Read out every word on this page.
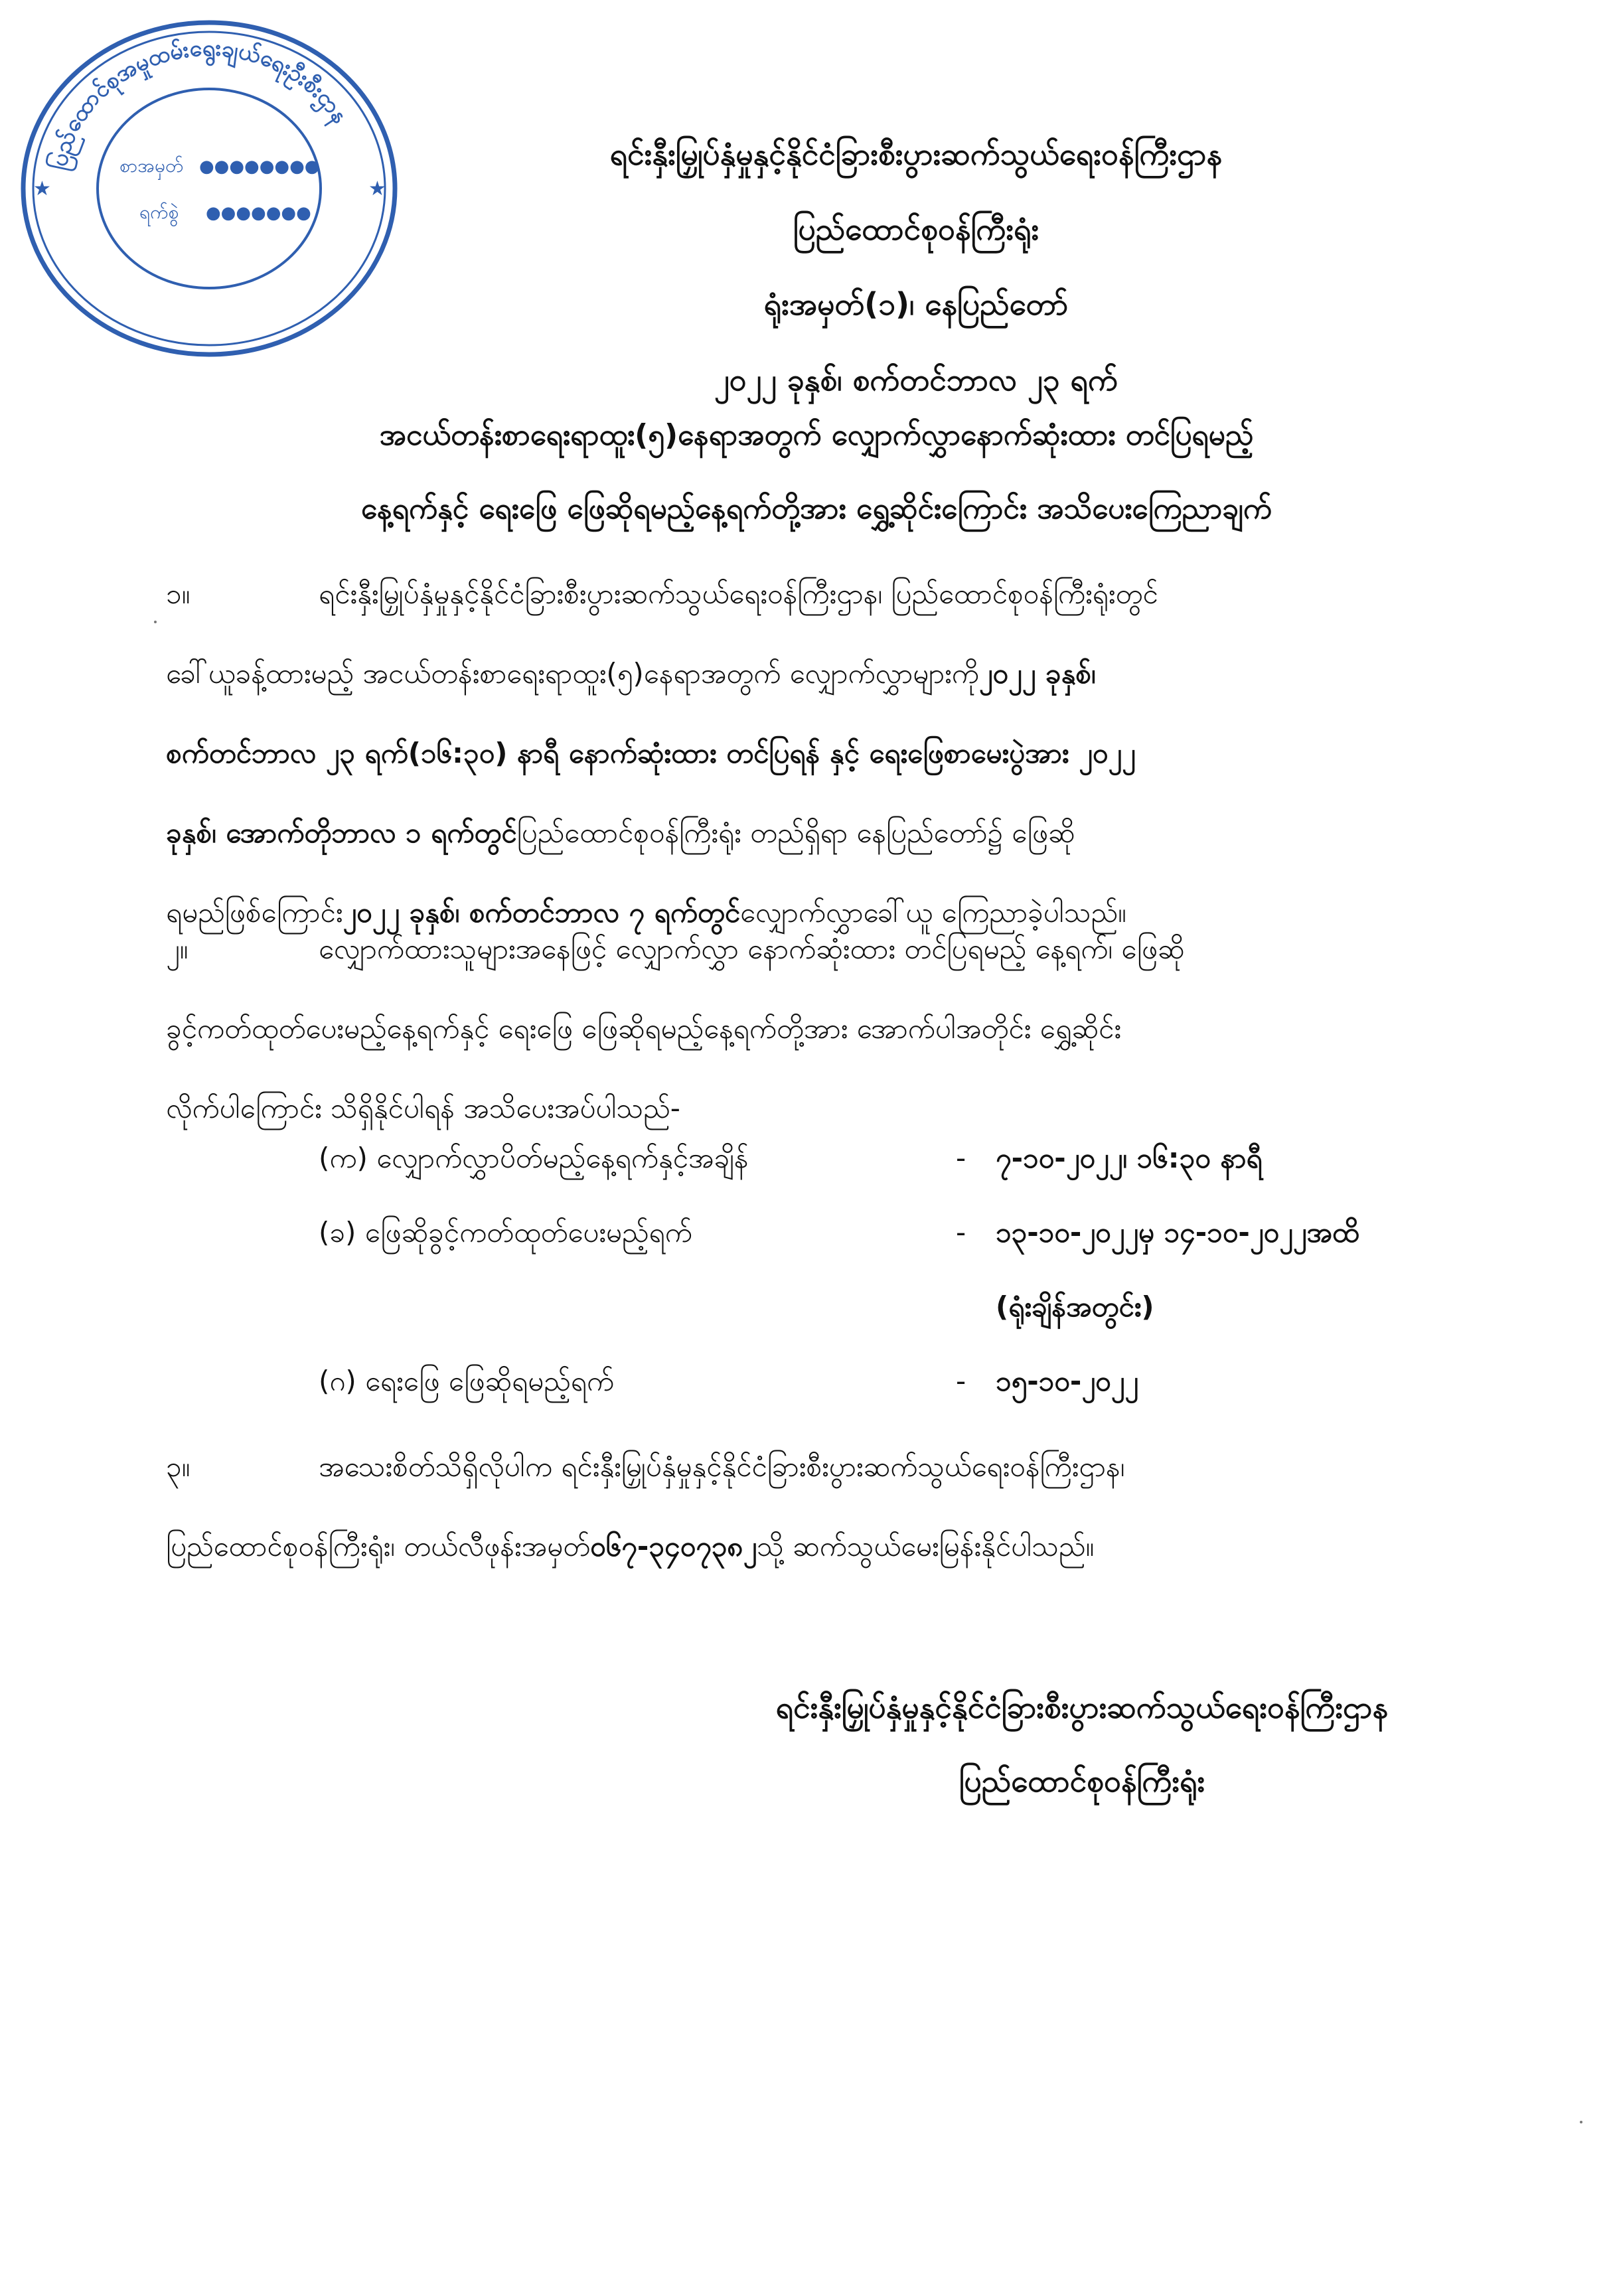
ပြည်ထောင်စုအမှုထမ်းရွေးချယ်ရေးဦးစီးဌာန
★	★
စာအမှတ် ●●●●●●●●
ရက်စွဲ ●●●●●●●
ရင်းနှီးမြှုပ်နှံမှုနှင့်နိုင်ငံခြားစီးပွားဆက်သွယ်ရေးဝန်ကြီးဌာန
ပြည်ထောင်စုဝန်ကြီးရုံး
ရုံးအမှတ်(၁)၊ နေပြည်တော်
၂၀၂၂ ခုနှစ်၊ စက်တင်ဘာလ ၂၃ ရက်
အငယ်တန်းစာရေးရာထူး(၅)နေရာအတွက် လျှောက်လွှာနောက်ဆုံးထား တင်ပြရမည့်
နေ့ရက်နှင့် ရေးဖြေ ဖြေဆိုရမည့်နေ့ရက်တို့အား ရွှေ့ဆိုင်းကြောင်း အသိပေးကြေညာချက်
၁။	ရင်းနှီးမြှုပ်နှံမှုနှင့်နိုင်ငံခြားစီးပွားဆက်သွယ်ရေးဝန်ကြီးဌာန၊ ပြည်ထောင်စုဝန်ကြီးရုံးတွင်
ခေါ်ယူခန့်ထားမည့် အငယ်တန်းစာရေးရာထူး(၅)နေရာအတွက် လျှောက်လွှာများကို ၂၀၂၂ ခုနှစ်၊
စက်တင်ဘာလ ၂၃ ရက်(၁၆:၃၀) နာရီ နောက်ဆုံးထား တင်ပြရန် နှင့် ရေးဖြေစာမေးပွဲအား ၂၀၂၂
ခုနှစ်၊ အောက်တိုဘာလ ၁ ရက်တွင် ပြည်ထောင်စုဝန်ကြီးရုံး တည်ရှိရာ နေပြည်တော်၌ ဖြေဆို
ရမည်ဖြစ်ကြောင်း ၂၀၂၂ ခုနှစ်၊ စက်တင်ဘာလ ၇ ရက်တွင် လျှောက်လွှာခေါ်ယူ ကြေညာခဲ့ပါသည်။
၂။	လျှောက်ထားသူများအနေဖြင့် လျှောက်လွှာ နောက်ဆုံးထား တင်ပြရမည့် နေ့ရက်၊ ဖြေဆို
ခွင့်ကတ်ထုတ်ပေးမည့်နေ့ရက်နှင့် ရေးဖြေ ဖြေဆိုရမည့်နေ့ရက်တို့အား အောက်ပါအတိုင်း ရွှေ့ဆိုင်း
လိုက်ပါကြောင်း သိရှိနိုင်ပါရန် အသိပေးအပ်ပါသည်-
(က) လျှောက်လွှာပိတ်မည့်နေ့ရက်နှင့်အချိန်	- ၇-၁၀-၂၀၂၂၊ ၁၆:၃၀ နာရီ
(ခ) ဖြေဆိုခွင့်ကတ်ထုတ်ပေးမည့်ရက်	- ၁၃-၁၀-၂၀၂၂မှ ၁၄-၁၀-၂၀၂၂အထိ
(ရုံးချိန်အတွင်း)
(ဂ) ရေးဖြေ ဖြေဆိုရမည့်ရက်	- ၁၅-၁၀-၂၀၂၂
၃။	အသေးစိတ်သိရှိလိုပါက ရင်းနှီးမြှုပ်နှံမှုနှင့်နိုင်ငံခြားစီးပွားဆက်သွယ်ရေးဝန်ကြီးဌာန၊
ပြည်ထောင်စုဝန်ကြီးရုံး၊ တယ်လီဖုန်းအမှတ် ၀၆၇-၃၄၀၇၃၈၂ သို့ ဆက်သွယ်မေးမြန်းနိုင်ပါသည်။
ရင်းနှီးမြှုပ်နှံမှုနှင့်နိုင်ငံခြားစီးပွားဆက်သွယ်ရေးဝန်ကြီးဌာန
ပြည်ထောင်စုဝန်ကြီးရုံး
